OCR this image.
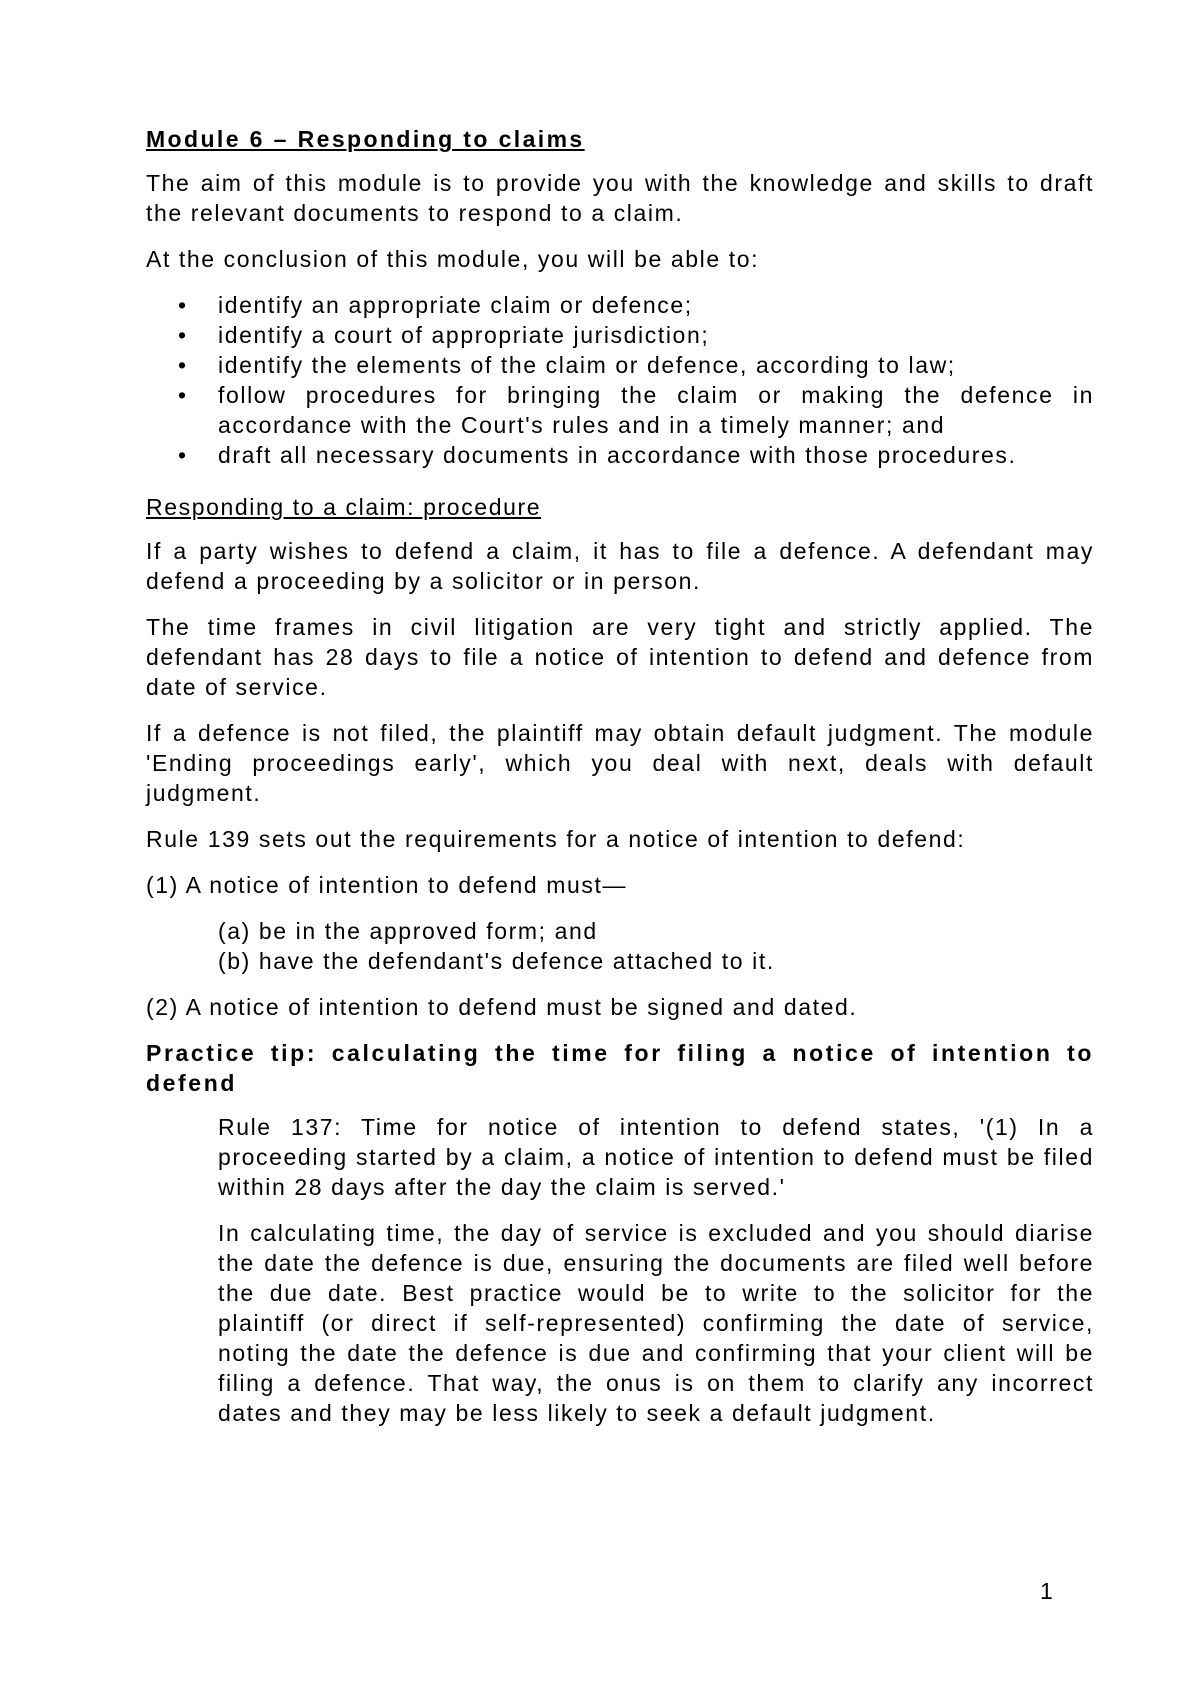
Module 6 – Responding to claims

The aim of this module is to provide you with the knowledge and skills to draft the relevant documents to respond to a claim.

At the conclusion of this module, you will be able to:

• identify an appropriate claim or defence;
• identify a court of appropriate jurisdiction;
• identify the elements of the claim or defence, according to law;
• follow procedures for bringing the claim or making the defence in accordance with the Court's rules and in a timely manner; and
• draft all necessary documents in accordance with those procedures.

Responding to a claim: procedure

If a party wishes to defend a claim, it has to file a defence. A defendant may defend a proceeding by a solicitor or in person.

The time frames in civil litigation are very tight and strictly applied. The defendant has 28 days to file a notice of intention to defend and defence from date of service.

If a defence is not filed, the plaintiff may obtain default judgment. The module 'Ending proceedings early', which you deal with next, deals with default judgment.

Rule 139 sets out the requirements for a notice of intention to defend:

(1) A notice of intention to defend must—

(a) be in the approved form; and
(b) have the defendant's defence attached to it.

(2) A notice of intention to defend must be signed and dated.

Practice tip: calculating the time for filing a notice of intention to defend

Rule 137: Time for notice of intention to defend states, '(1) In a proceeding started by a claim, a notice of intention to defend must be filed within 28 days after the day the claim is served.'

In calculating time, the day of service is excluded and you should diarise the date the defence is due, ensuring the documents are filed well before the due date. Best practice would be to write to the solicitor for the plaintiff (or direct if self-represented) confirming the date of service, noting the date the defence is due and confirming that your client will be filing a defence. That way, the onus is on them to clarify any incorrect dates and they may be less likely to seek a default judgment.

1
